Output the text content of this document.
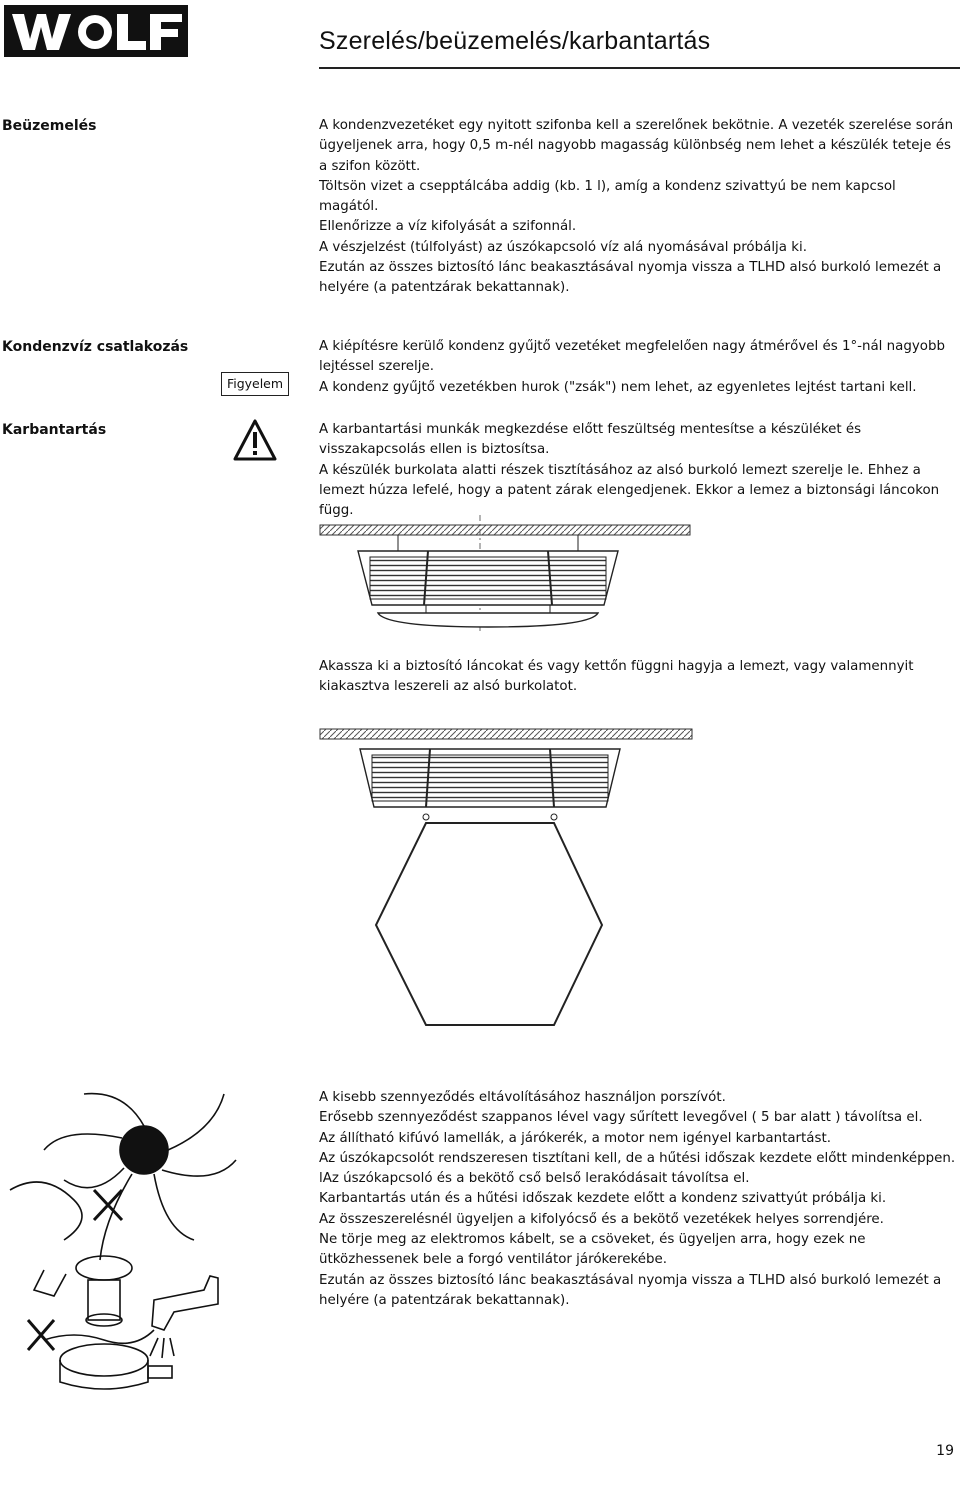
Szerelés/beüzemelés/karbantartás
Beüzemelés	A kondenzvezetéket egy nyitott szifonba kell a szerelőnek bekötnie. A vezeték szerelése során ügyeljenek arra, hogy 0,5 m-nél nagyobb magasság különbség nem lehet a készülék teteje és a szifon között.

Töltsön vizet a csepptálcába addig (kb. 1 l), amíg a kondenz szivattyú be nem kapcsol magától.

Ellenőrizze a víz kifolyását a szifonnál.

A vészjelzést (túlfolyást) az úszókapcsoló víz alá nyomásával próbálja ki.

Ezután az összes biztosító lánc beakasztásával nyomja vissza a TLHD alsó burkoló lemezét a helyére (a patentzárak bekattannak).

Kondenzvíz csatlakozás
Figyelem

A kiépítésre kerülő kondenz gyűjtő vezetéket megfelelően nagy átmérővel és 1°-nál nagyobb lejtéssel szerelje.

A kondenz gyűjtő vezetékben hurok ("zsák") nem lehet, az egyenletes lejtést tartani kell.

Karbantartás	A karbantartási munkák megkezdése előtt feszültség mentesítse a készüléket és visszakapcsolás ellen is biztosítsa.

A készülék burkolata alatti részek tisztításához az alsó burkoló lemezt szerelje le. Ehhez a lemezt húzza lefelé, hogy a patent zárak elengedjenek. Ekkor a lemez a biztonsági láncokon függ.

Akassza ki a biztosító láncokat és vagy kettőn függni hagyja a lemezt, vagy valamennyit kiakasztva leszereli az alsó burkolatot.

A kisebb szennyeződés eltávolításához használjon porszívót.

Erősebb szennyeződést szappanos lével vagy sűrített levegővel ( 5 bar alatt ) távolítsa el.

Az állítható kifúvó lamellák, a járókerék, a motor nem igényel karbantartást.

Az úszókapcsolót rendszeresen tisztítani kell, de a hűtési időszak kezdete előtt mindenképpen.

lAz úszókapcsoló és a bekötő cső belső lerakódásait távolítsa el.

Karbantartás után és a hűtési időszak kezdete előtt a kondenz szivattyút próbálja ki.

Az összeszerelésnél ügyeljen a kifolyócső és a bekötő vezetékek helyes sorrendjére.

Ne törje meg az elektromos kábelt, se a csöveket, és ügyeljen arra, hogy ezek ne ütközhessenek bele a forgó ventilátor járókerekébe.

Ezután az összes biztosító lánc beakasztásával nyomja vissza a TLHD alsó burkoló lemezét a helyére (a patentzárak bekattannak).

19
